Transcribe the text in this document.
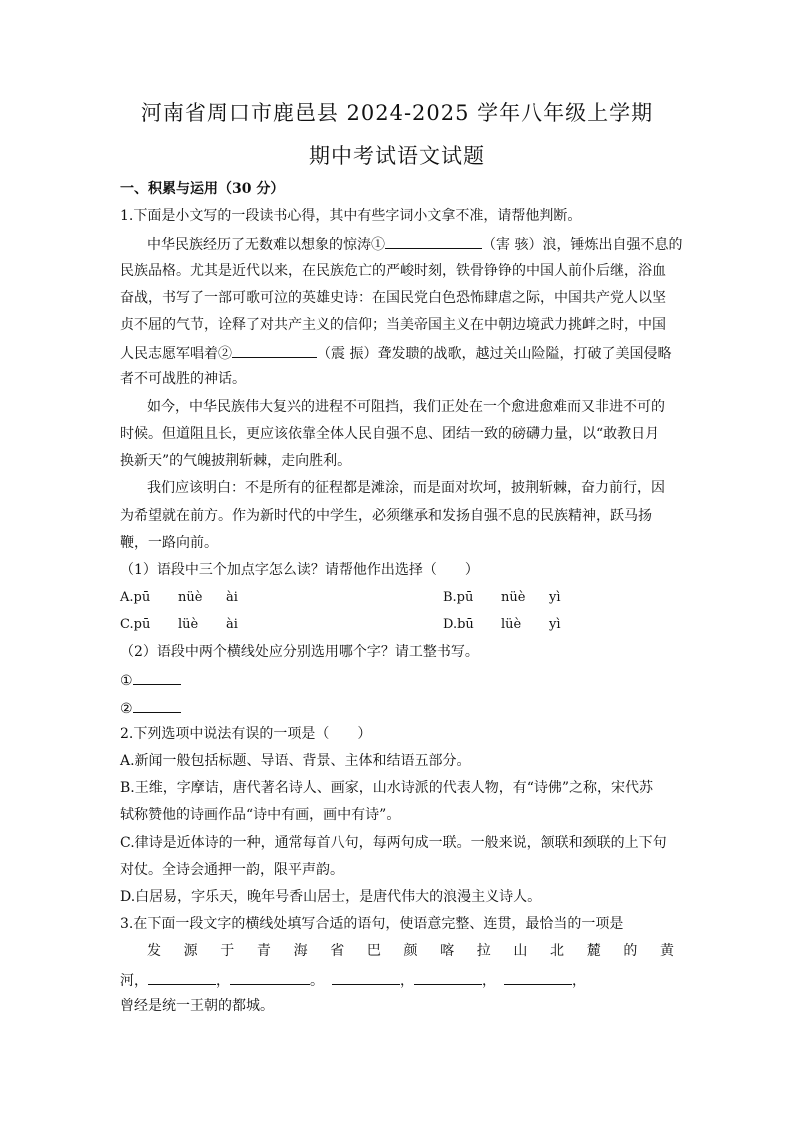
河南省周口市鹿邑县 2024-2025 学年八年级上学期
期中考试语文试题
一、积累与运用（30 分）
1.下面是小文写的一段读书心得，其中有些字词小文拿不准，请帮他判断。
中华民族经历了无数难以想象的惊涛①	（害 骇）浪，锤炼出自强不息的
民族品格。尤其是近代以来，在民族危亡的严峻时刻，铁骨铮铮的中国人前仆后继，浴血
奋战，书写了一部可歌可泣的英雄史诗：在国民党白色恐怖肆虐之际，中国共产党人以坚
贞不屈的气节，诠释了对共产主义的信仰；当美帝国主义在中朝边境武力挑衅之时，中国
人民志愿军唱着②	（震 振）聋发聩的战歌，越过关山险隘，打破了美国侵略
者不可战胜的神话。
如今，中华民族伟大复兴的进程不可阻挡，我们正处在一个愈进愈难而又非进不可的
时候。但道阻且长，更应该依靠全体人民自强不息、团结一致的磅礴力量，以“敢教日月
换新天”的气魄披荆斩棘，走向胜利。
我们应该明白：不是所有的征程都是滩涂，而是面对坎坷，披荆斩棘，奋力前行，因
为希望就在前方。作为新时代的中学生，必须继承和发扬自强不息的民族精神，跃马扬
鞭，一路向前。
（1）语段中三个加点字怎么读？请帮他作出选择（　　）
A.pū nüè ài	B.pū nüè yì
C.pū lüè ài	D.bū lüè yì
（2）语段中两个横线处应分别选用哪个字？请工整书写。
①
②
2.下列选项中说法有误的一项是（　　）
A.新闻一般包括标题、导语、背景、主体和结语五部分。
B.王维，字摩诘，唐代著名诗人、画家，山水诗派的代表人物，有“诗佛”之称，宋代苏
轼称赞他的诗画作品“诗中有画，画中有诗”。
C.律诗是近体诗的一种，通常每首八句，每两句成一联。一般来说，颔联和颈联的上下句
对仗。全诗会通押一韵，限平声韵。
D.白居易，字乐天，晚年号香山居士，是唐代伟大的浪漫主义诗人。
3.在下面一段文字的横线处填写合适的语句，使语意完整、连贯，最恰当的一项是
发 源 于 青 海 省 巴 颜 喀 拉 山 北 麓 的 黄
河，	，	。	，	，	，
曾经是统一王朝的都城。
